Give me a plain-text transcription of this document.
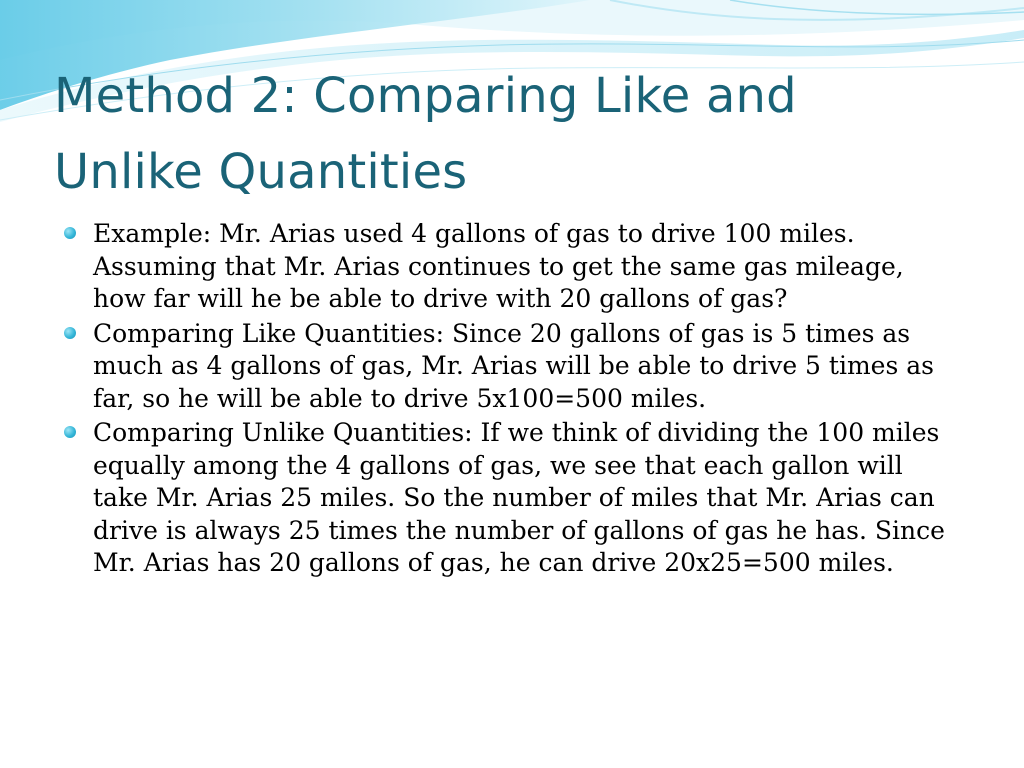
Method 2: Comparing Like and
Unlike Quantities
Example: Mr. Arias used 4 gallons of gas to drive 100 miles. Assuming that Mr. Arias continues to get the same gas mileage, how far will he be able to drive with 20 gallons of gas?
Comparing Like Quantities: Since 20 gallons of gas is 5 times as much as 4 gallons of gas, Mr. Arias will be able to drive 5 times as far, so he will be able to drive 5x100=500 miles.
Comparing Unlike Quantities: If we think of dividing the 100 miles equally among the 4 gallons of gas, we see that each gallon will take Mr. Arias 25 miles. So the number of miles that Mr. Arias can drive is always 25 times the number of gallons of gas he has. Since Mr. Arias has 20 gallons of gas, he can drive 20x25=500 miles.
